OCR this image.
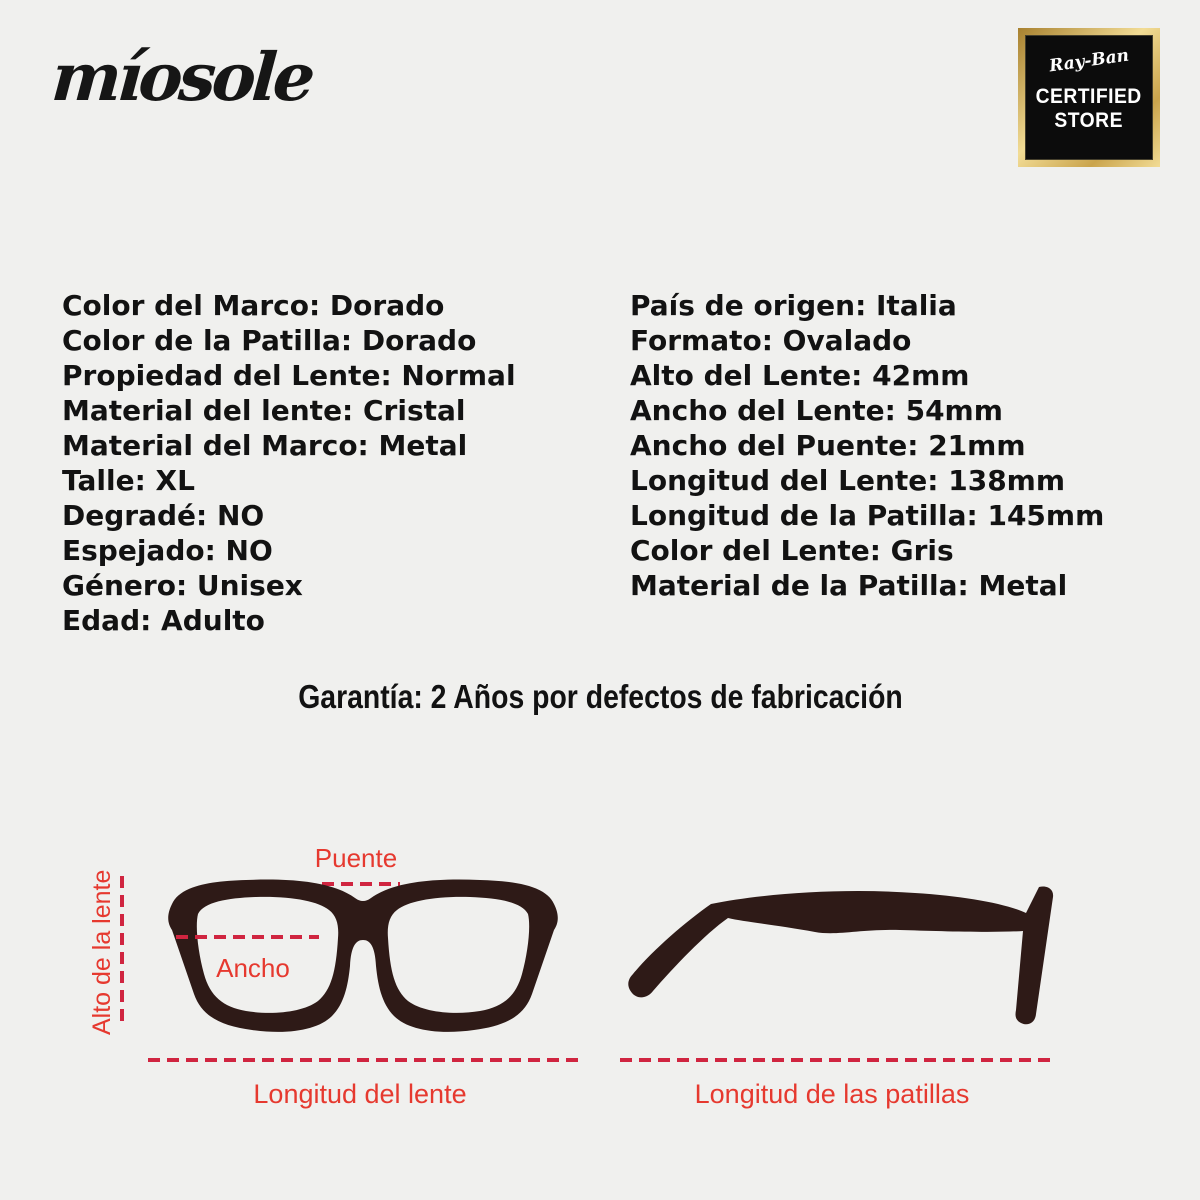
míosole	Ray-Ban
CERTIFIED
STORE
Color del Marco: Dorado
Color de la Patilla: Dorado
Propiedad del Lente: Normal
Material del lente: Cristal
Material del Marco: Metal
Talle: XL
Degradé: NO
Espejado: NO
Género: Unisex
Edad: Adulto
País de origen: Italia
Formato: Ovalado
Alto del Lente: 42mm
Ancho del Lente: 54mm
Ancho del Puente: 21mm
Longitud del Lente: 138mm
Longitud de la Patilla: 145mm
Color del Lente: Gris
Material de la Patilla: Metal
Garantía: 2 Años por defectos de fabricación
Puente
Alto de la lente	Ancho
Longitud del lente	Longitud de las patillas
